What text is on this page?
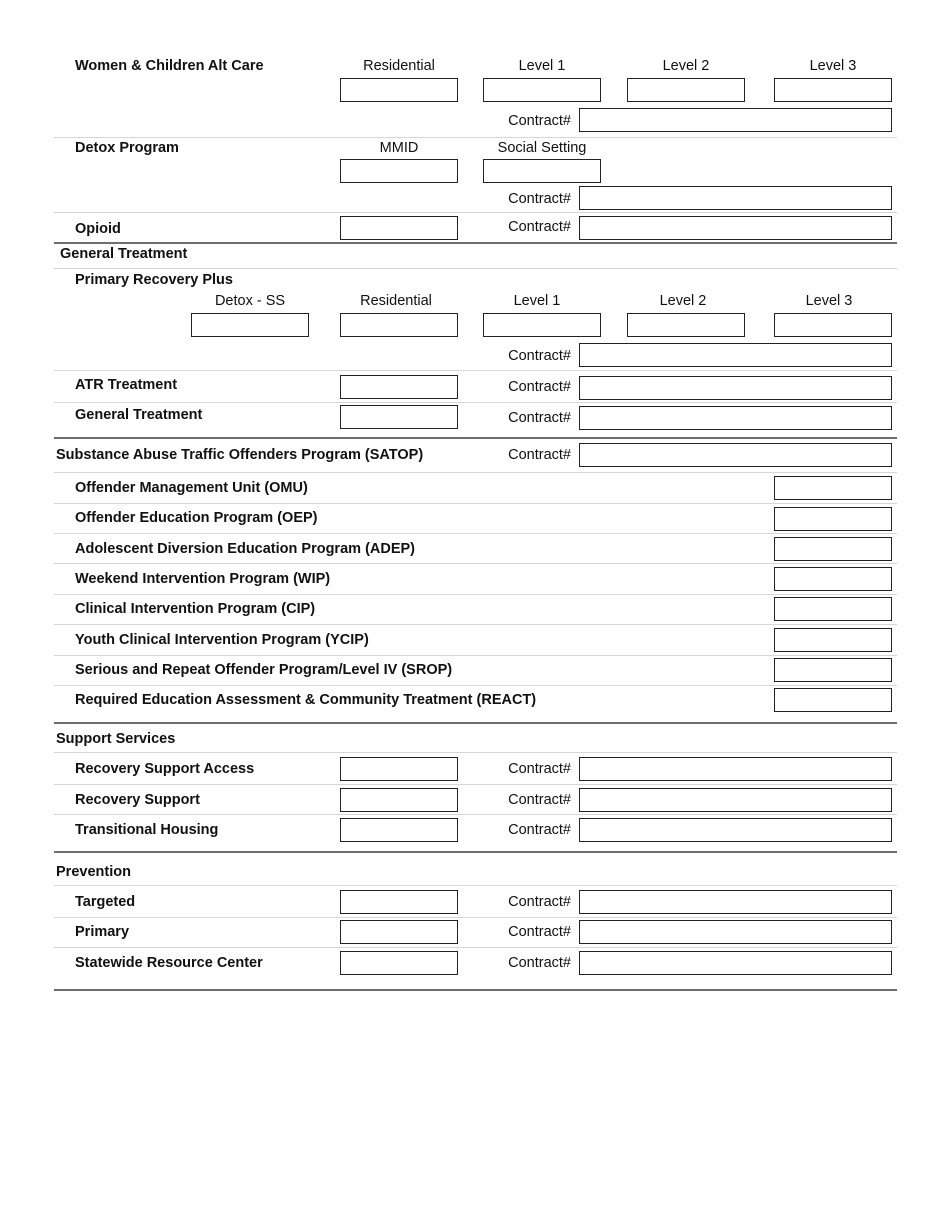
Women & Children Alt Care	Residential	Level 1	Level 2	Level 3
Contract#
Detox Program	MMID	Social Setting
Contract#
Opioid	Contract#
General Treatment
Primary Recovery Plus
Detox - SS	Residential	Level 1	Level 2	Level 3
Contract#
ATR Treatment	Contract#
General Treatment	Contract#
Substance Abuse Traffic Offenders Program (SATOP)	Contract#
Offender Management Unit (OMU)
Offender Education Program (OEP)
Adolescent Diversion Education Program (ADEP)
Weekend Intervention Program (WIP)
Clinical Intervention Program (CIP)
Youth Clinical Intervention Program (YCIP)
Serious and Repeat Offender Program/Level IV (SROP)
Required Education Assessment & Community Treatment (REACT)
Support Services
Recovery Support Access	Contract#
Recovery Support	Contract#
Transitional Housing	Contract#
Prevention
Targeted	Contract#
Primary	Contract#
Statewide Resource Center	Contract#
